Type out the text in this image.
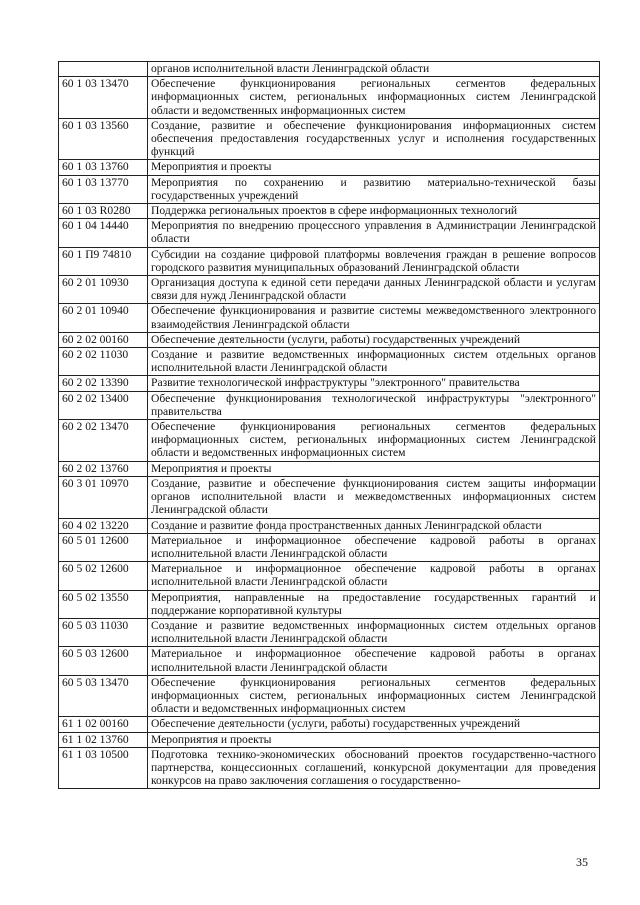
	органов исполнительной власти Ленинградской области
60 1 03 13470	Обеспечение функционирования региональных сегментов федеральных информационных систем, региональных информационных систем Ленинградской области и ведомственных информационных систем
60 1 03 13560	Создание, развитие и обеспечение функционирования информационных систем обеспечения предоставления государственных услуг и исполнения государственных функций
60 1 03 13760	Мероприятия и проекты
60 1 03 13770	Мероприятия по сохранению и развитию материально-технической базы государственных учреждений
60 1 03 R0280	Поддержка региональных проектов в сфере информационных технологий
60 1 04 14440	Мероприятия по внедрению процессного управления в Администрации Ленинградской области
60 1 П9 74810	Субсидии на создание цифровой платформы вовлечения граждан в решение вопросов городского развития муниципальных образований Ленинградской области
60 2 01 10930	Организация доступа к единой сети передачи данных Ленинградской области и услугам связи для нужд Ленинградской области
60 2 01 10940	Обеспечение функционирования и развитие системы межведомственного электронного взаимодействия Ленинградской области
60 2 02 00160	Обеспечение деятельности (услуги, работы) государственных учреждений
60 2 02 11030	Создание и развитие ведомственных информационных систем отдельных органов исполнительной власти Ленинградской области
60 2 02 13390	Развитие технологической инфраструктуры "электронного" правительства
60 2 02 13400	Обеспечение функционирования технологической инфраструктуры "электронного" правительства
60 2 02 13470	Обеспечение функционирования региональных сегментов федеральных информационных систем, региональных информационных систем Ленинградской области и ведомственных информационных систем
60 2 02 13760	Мероприятия и проекты
60 3 01 10970	Создание, развитие и обеспечение функционирования систем защиты информации органов исполнительной власти и межведомственных информационных систем Ленинградской области
60 4 02 13220	Создание и развитие фонда пространственных данных Ленинградской области
60 5 01 12600	Материальное и информационное обеспечение кадровой работы в органах исполнительной власти Ленинградской области
60 5 02 12600	Материальное и информационное обеспечение кадровой работы в органах исполнительной власти Ленинградской области
60 5 02 13550	Мероприятия, направленные на предоставление государственных гарантий и поддержание корпоративной культуры
60 5 03 11030	Создание и развитие ведомственных информационных систем отдельных органов исполнительной власти Ленинградской области
60 5 03 12600	Материальное и информационное обеспечение кадровой работы в органах исполнительной власти Ленинградской области
60 5 03 13470	Обеспечение функционирования региональных сегментов федеральных информационных систем, региональных информационных систем Ленинградской области и ведомственных информационных систем
61 1 02 00160	Обеспечение деятельности (услуги, работы) государственных учреждений
61 1 02 13760	Мероприятия и проекты
61 1 03 10500	Подготовка технико-экономических обоснований проектов государственно-частного партнерства, концессионных соглашений, конкурсной документации для проведения конкурсов на право заключения соглашения о государственно-
35
